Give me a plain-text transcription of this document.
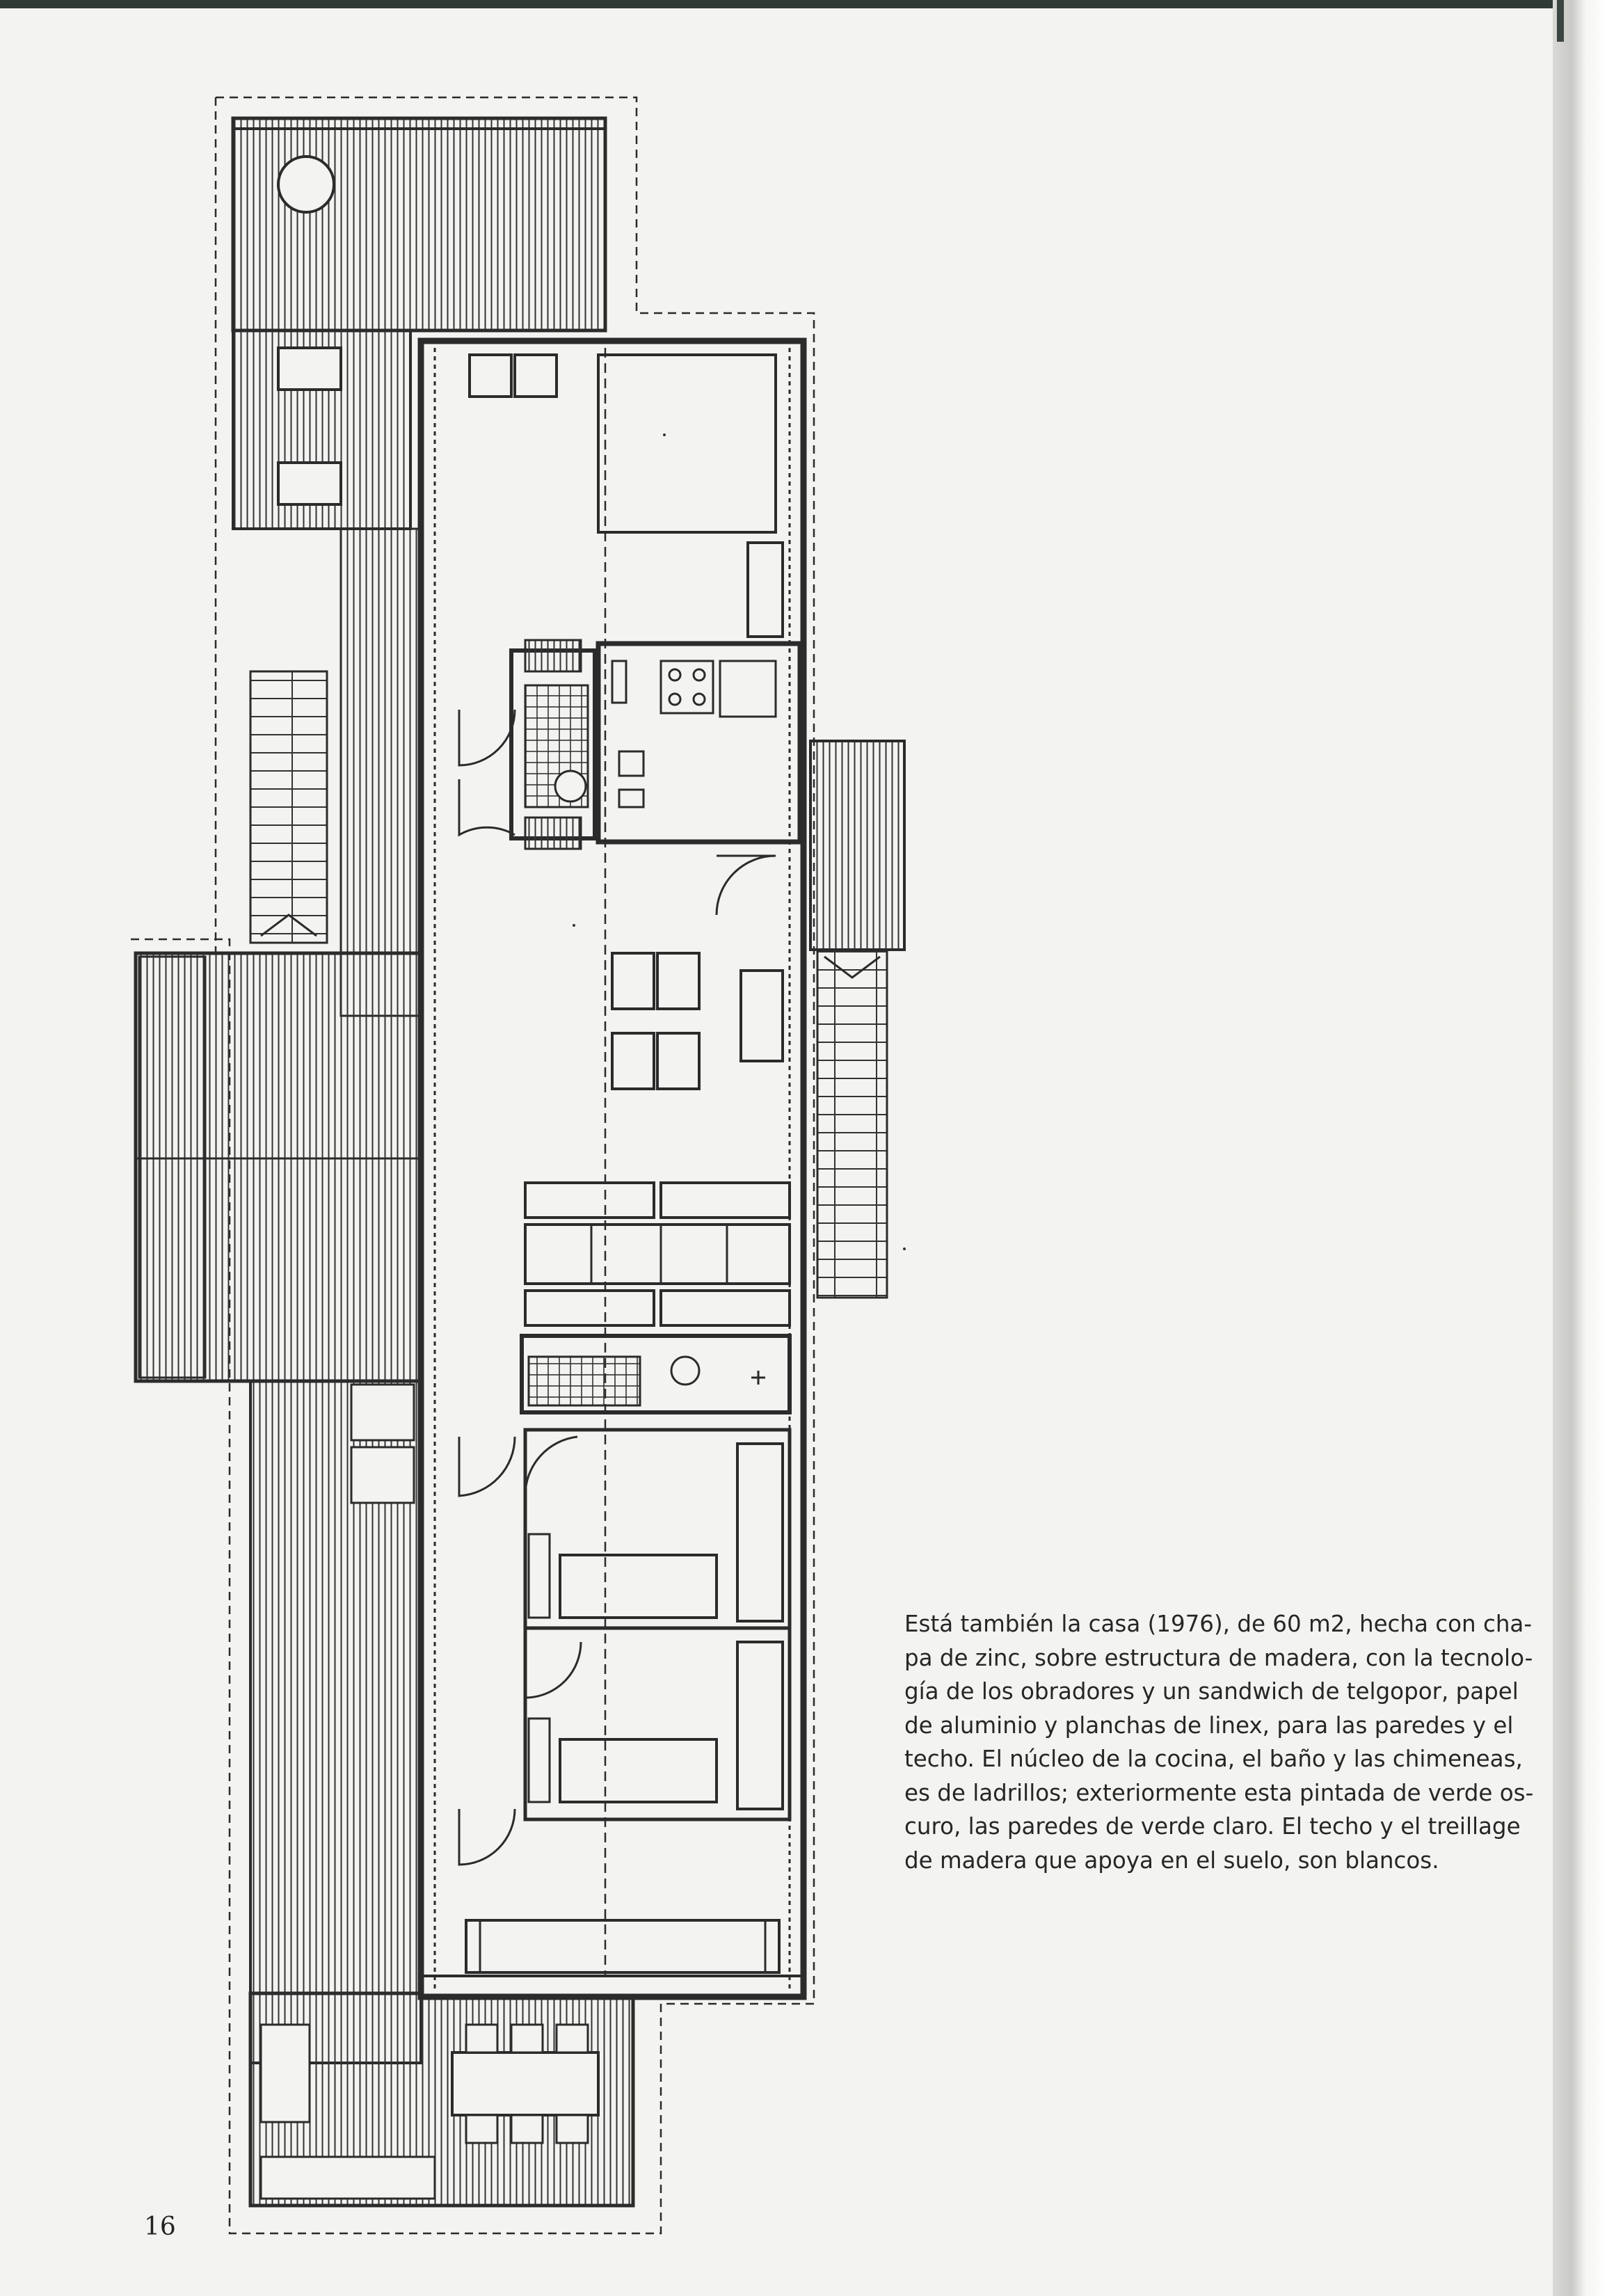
Está también la casa (1976), de 60 m2, hecha con cha-
pa de zinc, sobre estructura de madera, con la tecnolo-
gía de los obradores y un sandwich de telgopor, papel
de aluminio y planchas de linex, para las paredes y el
techo. El núcleo de la cocina, el baño y las chimeneas,
es de ladrillos; exteriormente esta pintada de verde os-
curo, las paredes de verde claro. El techo y el treillage
de madera que apoya en el suelo, son blancos.

16
